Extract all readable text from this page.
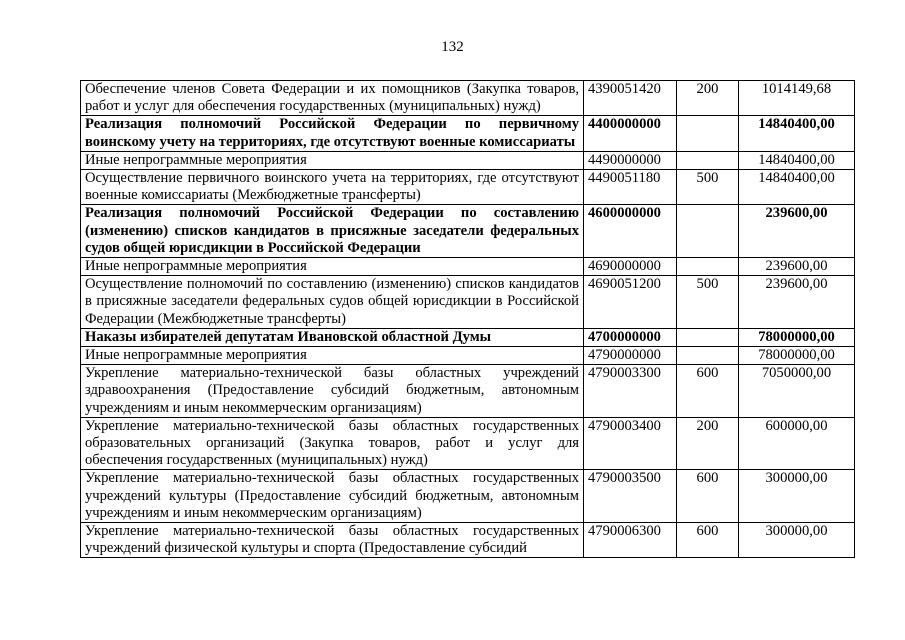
132
Обеспечение членов Совета Федерации и их помощников (Закупка товаров, работ и услуг для обеспечения государственных (муниципальных) нужд)	4390051420	200	1014149,68
Реализация полномочий Российской Федерации по первичному воинскому учету на территориях, где отсутствуют военные комиссариаты	4400000000		14840400,00
Иные непрограммные мероприятия	4490000000		14840400,00
Осуществление первичного воинского учета на территориях, где отсутствуют военные комиссариаты (Межбюджетные трансферты)	4490051180	500	14840400,00
Реализация полномочий Российской Федерации по составлению (изменению) списков кандидатов в присяжные заседатели федеральных судов общей юрисдикции в Российской Федерации	4600000000		239600,00
Иные непрограммные мероприятия	4690000000		239600,00
Осуществление полномочий по составлению (изменению) списков кандидатов в присяжные заседатели федеральных судов общей юрисдикции в Российской Федерации (Межбюджетные трансферты)	4690051200	500	239600,00
Наказы избирателей депутатам Ивановской областной Думы	4700000000		78000000,00
Иные непрограммные мероприятия	4790000000		78000000,00
Укрепление материально-технической базы областных учреждений здравоохранения (Предоставление субсидий бюджетным, автономным учреждениям и иным некоммерческим организациям)	4790003300	600	7050000,00
Укрепление материально-технической базы областных государственных образовательных организаций (Закупка товаров, работ и услуг для обеспечения государственных (муниципальных) нужд)	4790003400	200	600000,00
Укрепление материально-технической базы областных государственных учреждений культуры (Предоставление субсидий бюджетным, автономным учреждениям и иным некоммерческим организациям)	4790003500	600	300000,00
Укрепление материально-технической базы областных государственных учреждений физической культуры и спорта (Предоставление субсидий	4790006300	600	300000,00
